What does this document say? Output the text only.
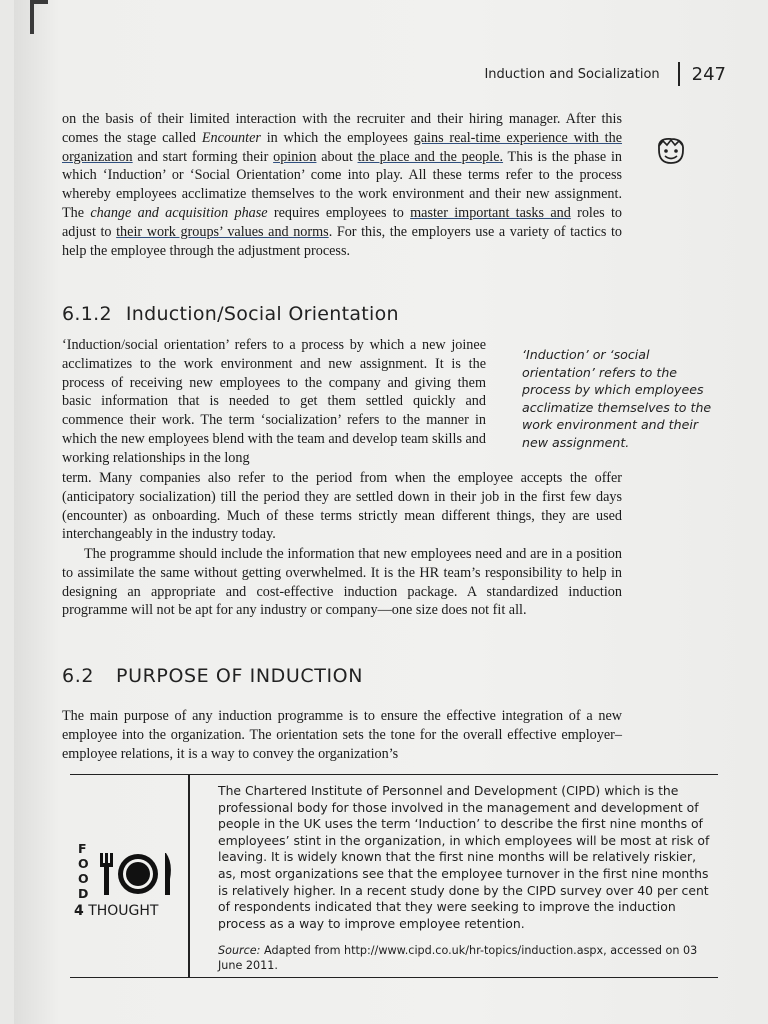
Induction and Socialization 247

on the basis of their limited interaction with the recruiter and their hiring manager. After this comes the stage called Encounter in which the employees gains real-time experience with the organization and start forming their opinion about the place and the people. This is the phase in which ‘Induction’ or ‘Social Orientation’ come into play. All these terms refer to the process whereby employees acclimatize themselves to the work environment and their new assignment. The change and acquisition phase requires employees to master important tasks and roles to adjust to their work groups’ values and norms. For this, the employers use a variety of tactics to help the employee through the adjustment process.

6.1.2 Induction/Social Orientation

‘Induction/social orientation’ refers to a process by which a new joinee acclimatizes to the work environment and new assignment. It is the process of receiving new employees to the company and giving them basic information that is needed to get them settled quickly and commence their work. The term ‘socialization’ refers to the manner in which the new employees blend with the team and develop team skills and working relationships in the long

‘Induction’ or ‘social orientation’ refers to the process by which employees acclimatize themselves to the work environment and their new assignment.

term. Many companies also refer to the period from when the employee accepts the offer (anticipatory socialization) till the period they are settled down in their job in the first few days (encounter) as onboarding. Much of these terms strictly mean different things, they are used interchangeably in the industry today.

The programme should include the information that new employees need and are in a position to assimilate the same without getting overwhelmed. It is the HR team’s responsibility to help in designing an appropriate and cost-effective induction package. A standardized induction programme will not be apt for any industry or company—one size does not fit all.

6.2 PURPOSE OF INDUCTION

The main purpose of any induction programme is to ensure the effective integration of a new employee into the organization. The orientation sets the tone for the overall effective employer–employee relations, it is a way to convey the organization’s

F
O
O
D
4 THOUGHT

The Chartered Institute of Personnel and Development (CIPD) which is the professional body for those involved in the management and development of people in the UK uses the term ‘Induction’ to describe the first nine months of employees’ stint in the organization, in which employees will be most at risk of leaving. It is widely known that the first nine months will be relatively riskier, as, most organizations see that the employee turnover in the first nine months is relatively higher. In a recent study done by the CIPD survey over 40 per cent of respondents indicated that they were seeking to improve the induction process as a way to improve employee retention.

Source: Adapted from http://www.cipd.co.uk/hr-topics/induction.aspx, accessed on 03 June 2011.
